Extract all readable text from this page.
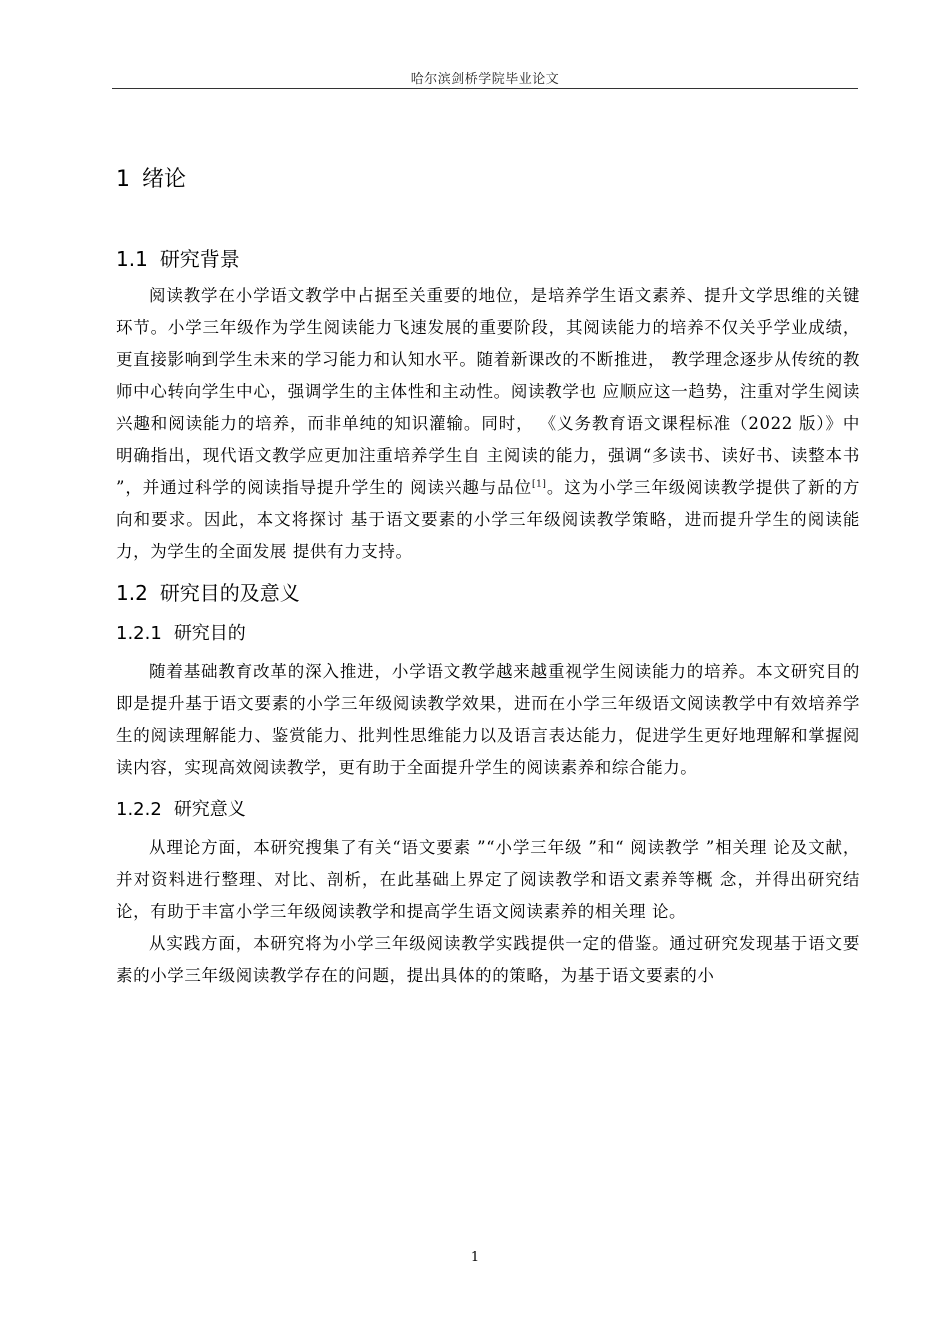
哈尔滨剑桥学院毕业论文
1 绪论
1.1 研究背景

阅读教学在小学语文教学中占据至关重要的地位，是培养学生语文素养、提升文学思维的关键环节。小学三年级作为学生阅读能力飞速发展的重要阶段，其阅读能力的培养不仅关乎学业成绩，更直接影响到学生未来的学习能力和认知水平。随着新课改的不断推进， 教学理念逐步从传统的教师中心转向学生中心，强调学生的主体性和主动性。阅读教学也 应顺应这一趋势，注重对学生阅读兴趣和阅读能力的培养，而非单纯的知识灌输。同时， 《义务教育语文课程标准（2022 版）》中明确指出，现代语文教学应更加注重培养学生自 主阅读的能力，强调“多读书、读好书、读整本书 ”，并通过科学的阅读指导提升学生的 阅读兴趣与品位[1]。这为小学三年级阅读教学提供了新的方向和要求。因此，本文将探讨 基于语文要素的小学三年级阅读教学策略，进而提升学生的阅读能力，为学生的全面发展 提供有力支持。

1.2 研究目的及意义
1.2.1 研究目的

随着基础教育改革的深入推进，小学语文教学越来越重视学生阅读能力的培养。本文研究目的即是提升基于语文要素的小学三年级阅读教学效果，进而在小学三年级语文阅读教学中有效培养学生的阅读理解能力、鉴赏能力、批判性思维能力以及语言表达能力，促进学生更好地理解和掌握阅读内容，实现高效阅读教学，更有助于全面提升学生的阅读素养和综合能力。

1.2.2 研究意义

从理论方面，本研究搜集了有关“语文要素 ”“小学三年级 ”和“ 阅读教学 ”相关理 论及文献，并对资料进行整理、对比、剖析，在此基础上界定了阅读教学和语文素养等概 念，并得出研究结论，有助于丰富小学三年级阅读教学和提高学生语文阅读素养的相关理 论。

从实践方面，本研究将为小学三年级阅读教学实践提供一定的借鉴。通过研究发现基于语文要素的小学三年级阅读教学存在的问题，提出具体的的策略，为基于语文要素的小

1
